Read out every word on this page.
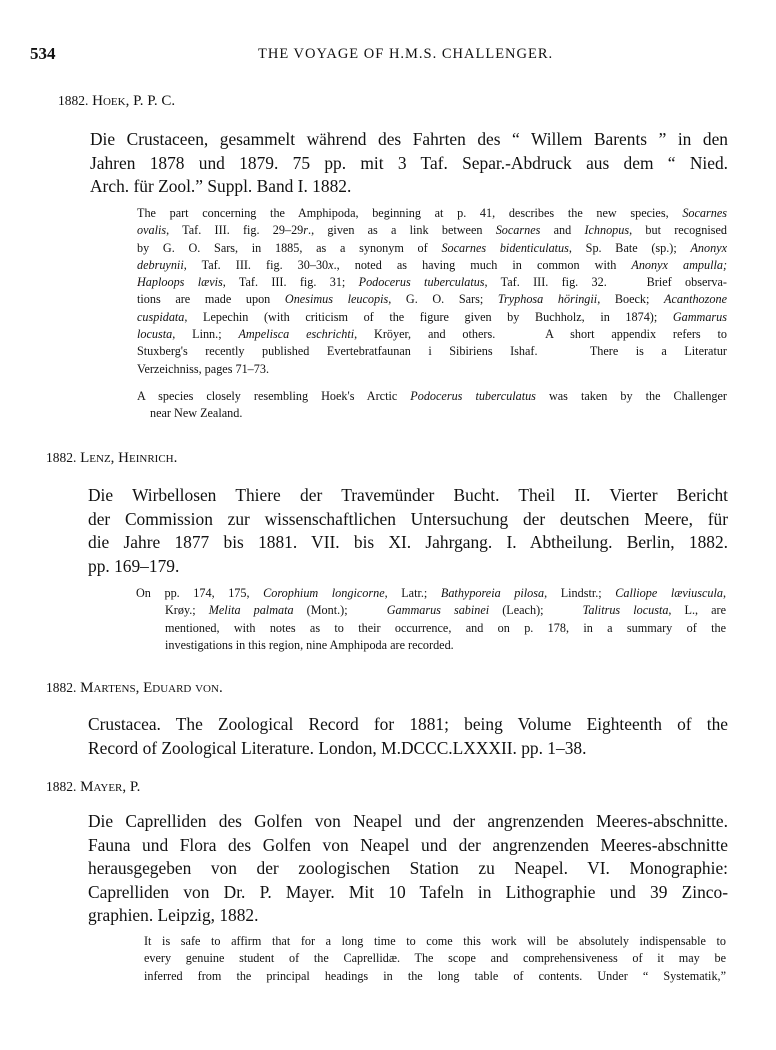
534	THE VOYAGE OF H.M.S. CHALLENGER.
1882. Hoek, P. P. C.
Die Crustaceen, gesammelt während des Fahrten des “ Willem Barents ” in den
Jahren 1878 und 1879. 75 pp. mit 3 Taf. Separ.-Abdruck aus dem “ Nied.
Arch. für Zool.” Suppl. Band I. 1882.
The part concerning the Amphipoda, beginning at p. 41, describes the new species, Socarnes
ovalis, Taf. III. fig. 29–29r., given as a link between Socarnes and Ichnopus, but recognised
by G. O. Sars, in 1885, as a synonym of Socarnes bidenticulatus, Sp. Bate (sp.); Anonyx
debruynii, Taf. III. fig. 30–30x., noted as having much in common with Anonyx ampulla;
Haploops lævis, Taf. III. fig. 31; Podocerus tuberculatus, Taf. III. fig. 32.   Brief observa-
tions are made upon Onesimus leucopis, G. O. Sars; Tryphosa höringii, Boeck; Acanthozone
cuspidata, Lepechin (with criticism of the figure given by Buchholz, in 1874); Gammarus
locusta, Linn.; Ampelisca eschrichti, Kröyer, and others.   A short appendix refers to
Stuxberg's recently published Evertebratfaunan i Sibiriens Ishaf.   There is a Literatur
Verzeichniss, pages 71–73.
A species closely resembling Hoek's Arctic Podocerus tuberculatus was taken by the Challenger
near New Zealand.
1882. Lenz, Heinrich.
Die Wirbellosen Thiere der Travemünder Bucht. Theil II. Vierter Bericht
der Commission zur wissenschaftlichen Untersuchung der deutschen Meere, für
die Jahre 1877 bis 1881. VII. bis XI. Jahrgang. I. Abtheilung. Berlin, 1882.
pp. 169–179.
On pp. 174, 175, Corophium longicorne, Latr.; Bathyporeia pilosa, Lindstr.; Calliope læviuscula,
Krøy.; Melita palmata (Mont.);   Gammarus sabinei (Leach);   Talitrus locusta, L., are
mentioned, with notes as to their occurrence, and on p. 178, in a summary of the
investigations in this region, nine Amphipoda are recorded.
1882. Martens, Eduard von.
Crustacea. The Zoological Record for 1881; being Volume Eighteenth of the
Record of Zoological Literature. London, M.DCCC.LXXXII. pp. 1–38.
1882. Mayer, P.
Die Caprelliden des Golfen von Neapel und der angrenzenden Meeres-abschnitte.
Fauna und Flora des Golfen von Neapel und der angrenzenden Meeres-abschnitte
herausgegeben von der zoologischen Station zu Neapel. VI. Monographie:
Caprelliden von Dr. P. Mayer. Mit 10 Tafeln in Lithographie und 39 Zinco-
graphien. Leipzig, 1882.
It is safe to affirm that for a long time to come this work will be absolutely indispensable to
every genuine student of the Caprellidæ. The scope and comprehensiveness of it may be
inferred from the principal headings in the long table of contents. Under “ Systematik,”
